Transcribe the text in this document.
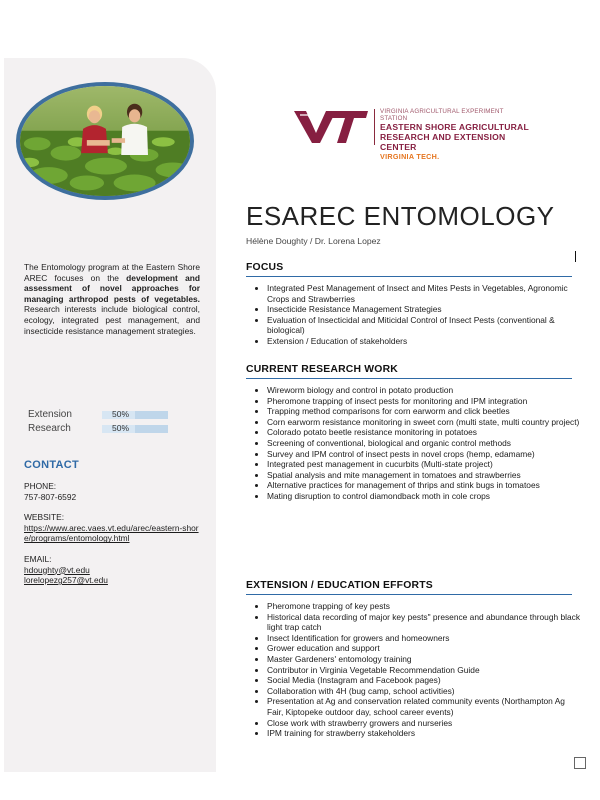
The Entomology program at the Eastern Shore AREC focuses on the development and assessment of novel approaches for managing arthropod pests of vegetables. Research interests include biological control, ecology, integrated pest management, and insecticide resistance management strategies.
Extension	50%
Research	50%
CONTACT
PHONE:
757-807-6592
WEBSITE:
https://www.arec.vaes.vt.edu/arec/eastern-shore/programs/entomology.html
EMAIL:
hdoughty@vt.edu
lorelopezg257@vt.edu
VIRGINIA AGRICULTURAL EXPERIMENT STATION
EASTERN SHORE AGRICULTURAL
RESEARCH AND EXTENSION CENTER
VIRGINIA TECH.
ESAREC ENTOMOLOGY
Hélène Doughty / Dr. Lorena Lopez
FOCUS
• Integrated Pest Management of Insect and Mites Pests in Vegetables, Agronomic Crops and Strawberries
• Insecticide Resistance Management Strategies
• Evaluation of Insecticidal and Miticidal Control of Insect Pests (conventional & biological)
• Extension / Education of stakeholders
CURRENT RESEARCH WORK
• Wireworm biology and control in potato production
• Pheromone trapping of insect pests for monitoring and IPM integration
• Trapping method comparisons for corn earworm and click beetles
• Corn earworm resistance monitoring in sweet corn (multi state, multi country project)
• Colorado potato beetle resistance monitoring in potatoes
• Screening of conventional, biological and organic control methods
• Survey and IPM control of insect pests in novel crops (hemp, edamame)
• Integrated pest management in cucurbits (Multi-state project)
• Spatial analysis and mite management in tomatoes and strawberries
• Alternative practices for management of thrips and stink bugs in tomatoes
• Mating disruption to control diamondback moth in cole crops
EXTENSION / EDUCATION EFFORTS
• Pheromone trapping of key pests
• Historical data recording of major key pests" presence and abundance through black light trap catch
• Insect Identification for growers and homeowners
• Grower education and support
• Master Gardeners' entomology training
• Contributor in Virginia Vegetable Recommendation Guide
• Social Media (Instagram and Facebook pages)
• Collaboration with 4H (bug camp, school activities)
• Presentation at Ag and conservation related community events (Northampton Ag Fair, Kiptopeke outdoor day, school career events)
• Close work with strawberry growers and nurseries
• IPM training for strawberry stakeholders
